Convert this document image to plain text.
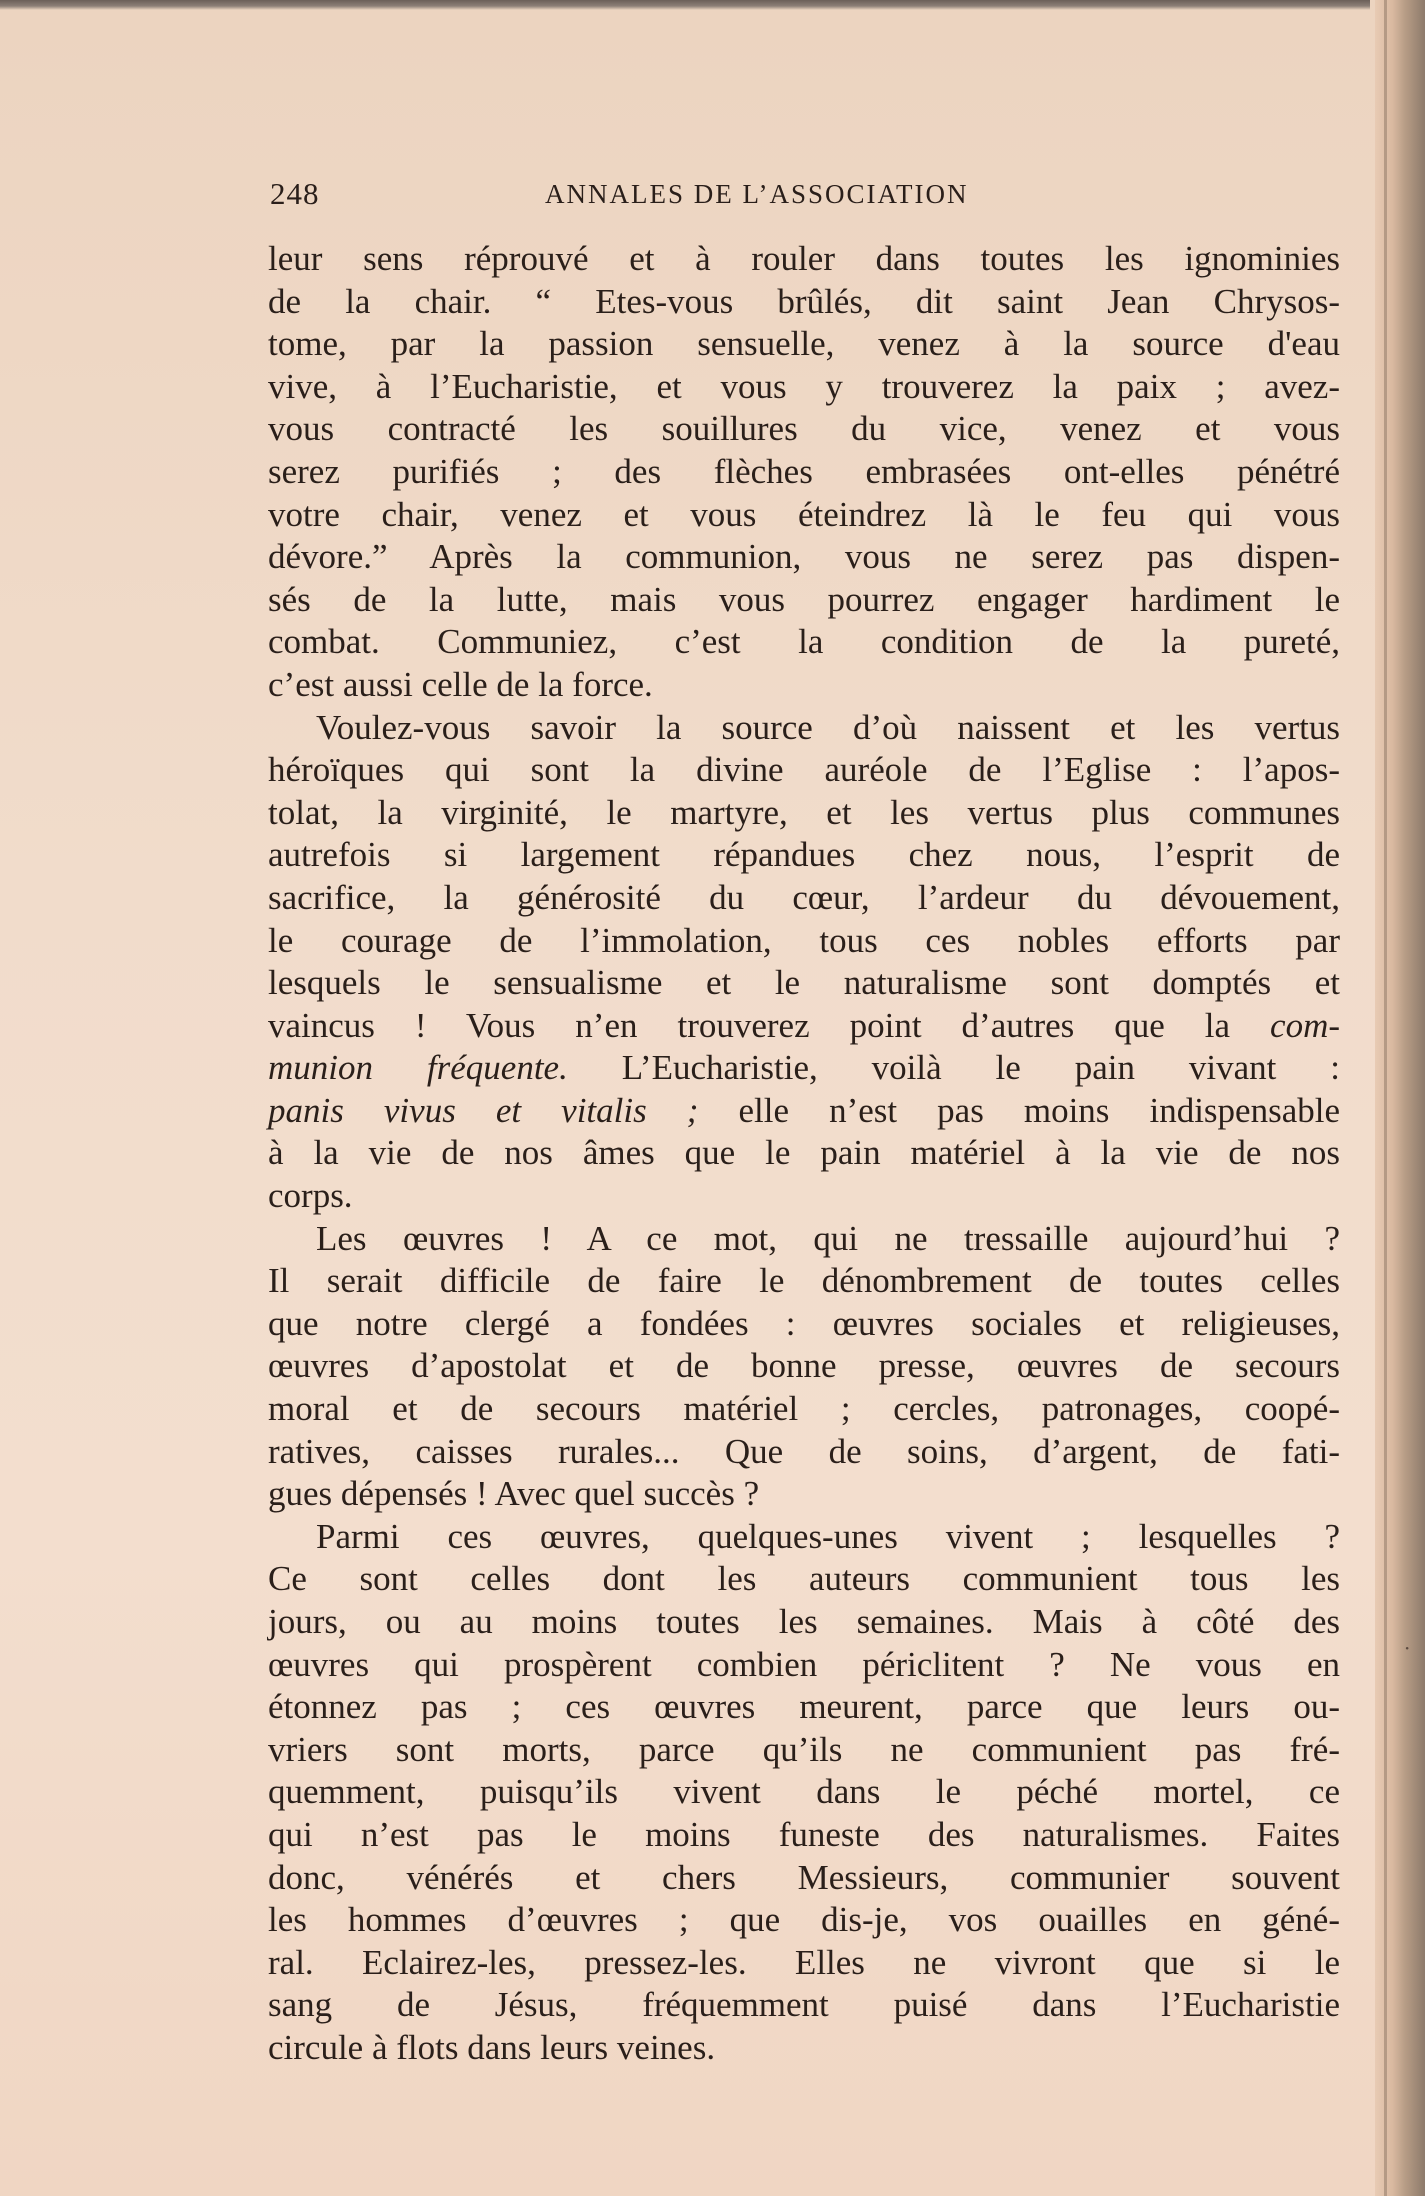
248	ANNALES DE L’ASSOCIATION
leur sens réprouvé et à rouler dans toutes les ignominies
de la chair. “ Etes-vous brûlés, dit saint Jean Chrysos-
tome, par la passion sensuelle, venez à la source d'eau
vive, à l’Eucharistie, et vous y trouverez la paix ; avez-
vous contracté les souillures du vice, venez et vous
serez purifiés ; des flèches embrasées ont-elles pénétré
votre chair, venez et vous éteindrez là le feu qui vous
dévore.” Après la communion, vous ne serez pas dispen-
sés de la lutte, mais vous pourrez engager hardiment le
combat. Communiez, c’est la condition de la pureté,
c’est aussi celle de la force.
Voulez-vous savoir la source d’où naissent et les vertus
héroïques qui sont la divine auréole de l’Eglise : l’apos-
tolat, la virginité, le martyre, et les vertus plus communes
autrefois si largement répandues chez nous, l’esprit de
sacrifice, la générosité du cœur, l’ardeur du dévouement,
le courage de l’immolation, tous ces nobles efforts par
lesquels le sensualisme et le naturalisme sont domptés et
vaincus ! Vous n’en trouverez point d’autres que la com-
munion fréquente. L’Eucharistie, voilà le pain vivant :
panis vivus et vitalis ; elle n’est pas moins indispensable
à la vie de nos âmes que le pain matériel à la vie de nos
corps.
Les œuvres ! A ce mot, qui ne tressaille aujourd’hui ?
Il serait difficile de faire le dénombrement de toutes celles
que notre clergé a fondées : œuvres sociales et religieuses,
œuvres d’apostolat et de bonne presse, œuvres de secours
moral et de secours matériel ; cercles, patronages, coopé-
ratives, caisses rurales... Que de soins, d’argent, de fati-
gues dépensés ! Avec quel succès ?
Parmi ces œuvres, quelques-unes vivent ; lesquelles ?
Ce sont celles dont les auteurs communient tous les
jours, ou au moins toutes les semaines. Mais à côté des
œuvres qui prospèrent combien périclitent ? Ne vous en
étonnez pas ; ces œuvres meurent, parce que leurs ou-
vriers sont morts, parce qu’ils ne communient pas fré-
quemment, puisqu’ils vivent dans le péché mortel, ce
qui n’est pas le moins funeste des naturalismes. Faites
donc, vénérés et chers Messieurs, communier souvent
les hommes d’œuvres ; que dis-je, vos ouailles en géné-
ral. Eclairez-les, pressez-les. Elles ne vivront que si le
sang de Jésus, fréquemment puisé dans l’Eucharistie
circule à flots dans leurs veines.
·
